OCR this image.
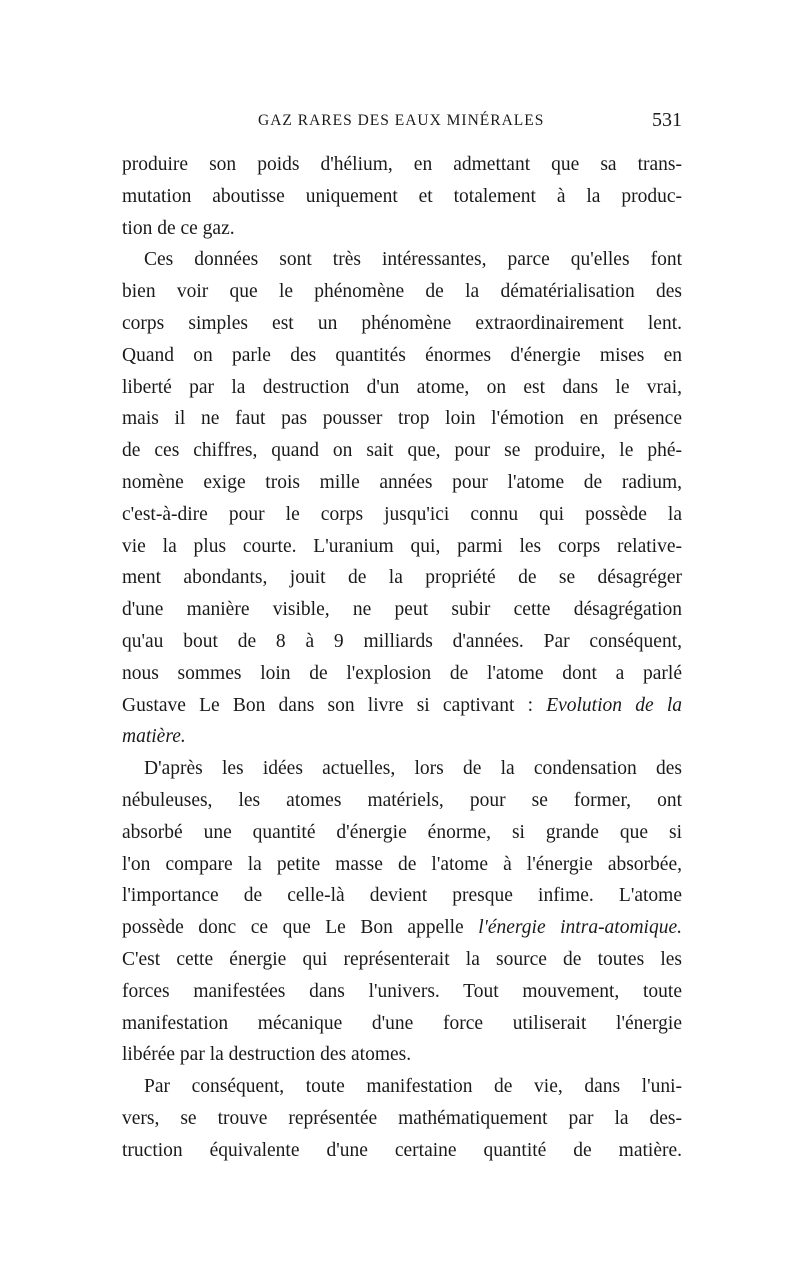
GAZ RARES DES EAUX MINÉRALES	531
produire son poids d'hélium, en admettant que sa trans-
mutation aboutisse uniquement et totalement à la produc-
tion de ce gaz.
Ces données sont très intéressantes, parce qu'elles font
bien voir que le phénomène de la dématérialisation des
corps simples est un phénomène extraordinairement lent.
Quand on parle des quantités énormes d'énergie mises en
liberté par la destruction d'un atome, on est dans le vrai,
mais il ne faut pas pousser trop loin l'émotion en présence
de ces chiffres, quand on sait que, pour se produire, le phé-
nomène exige trois mille années pour l'atome de radium,
c'est-à-dire pour le corps jusqu'ici connu qui possède la
vie la plus courte. L'uranium qui, parmi les corps relative-
ment abondants, jouit de la propriété de se désagréger
d'une manière visible, ne peut subir cette désagrégation
qu'au bout de 8 à 9 milliards d'années. Par conséquent,
nous sommes loin de l'explosion de l'atome dont a parlé
Gustave Le Bon dans son livre si captivant : Evolution de la
matière.
D'après les idées actuelles, lors de la condensation des
nébuleuses, les atomes matériels, pour se former, ont
absorbé une quantité d'énergie énorme, si grande que si
l'on compare la petite masse de l'atome à l'énergie absorbée,
l'importance de celle-là devient presque infime. L'atome
possède donc ce que Le Bon appelle l'énergie intra-atomique.
C'est cette énergie qui représenterait la source de toutes les
forces manifestées dans l'univers. Tout mouvement, toute
manifestation mécanique d'une force utiliserait l'énergie
libérée par la destruction des atomes.
Par conséquent, toute manifestation de vie, dans l'uni-
vers, se trouve représentée mathématiquement par la des-
truction équivalente d'une certaine quantité de matière.
